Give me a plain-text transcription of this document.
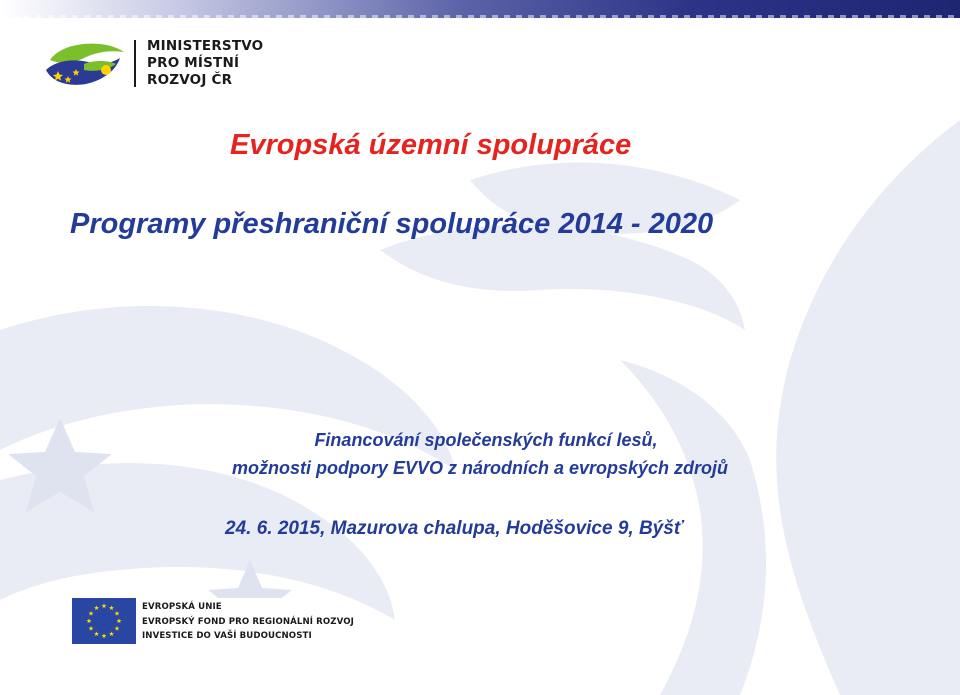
MINISTERSTVO
PRO MÍSTNÍ
ROZVOJ ČR
Evropská územní spolupráce
Programy přeshraniční spolupráce 2014 - 2020
Financování společenských funkcí lesů,
možnosti podpory EVVO z národních a evropských zdrojů
24. 6. 2015, Mazurova chalupa, Hoděšovice 9, Býšť
EVROPSKÁ UNIE
EVROPSKÝ FOND PRO REGIONÁLNÍ ROZVOJ
INVESTICE DO VAŠÍ BUDOUCNOSTI
